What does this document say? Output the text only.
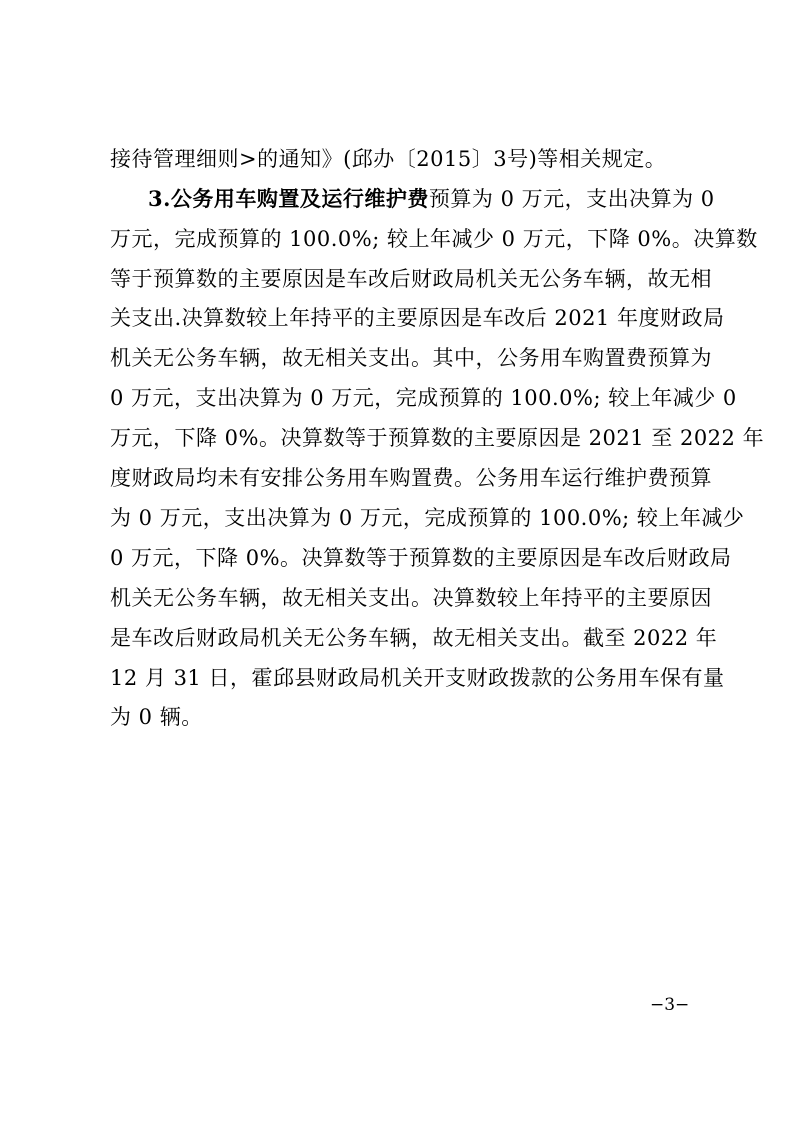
接待管理细则>的通知》(邱办〔2015〕3号)等相关规定。
3.公务用车购置及运行维护费预算为 0 万元，支出决算为 0
万元，完成预算的 100.0%; 较上年减少 0 万元，下降 0%。决算数
等于预算数的主要原因是车改后财政局机关无公务车辆，故无相
关支出.决算数较上年持平的主要原因是车改后 2021 年度财政局
机关无公务车辆，故无相关支出。其中，公务用车购置费预算为
0 万元，支出决算为 0 万元，完成预算的 100.0%; 较上年减少 0
万元，下降 0%。决算数等于预算数的主要原因是 2021 至 2022 年
度财政局均未有安排公务用车购置费。公务用车运行维护费预算
为 0 万元，支出决算为 0 万元，完成预算的 100.0%; 较上年减少
0 万元，下降 0%。决算数等于预算数的主要原因是车改后财政局
机关无公务车辆，故无相关支出。决算数较上年持平的主要原因
是车改后财政局机关无公务车辆，故无相关支出。截至 2022 年
12 月 31 日，霍邱县财政局机关开支财政拨款的公务用车保有量
为 0 辆。
−3−
